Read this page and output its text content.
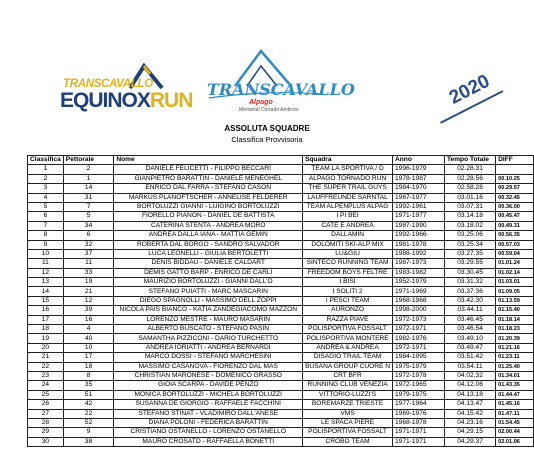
TRANSCAVALLO
EQUINOXRUN TRANSCAVALLO
Alpago
Memorial Corrado Ambrosi
2020
ASSOLUTA SQUADRE
Classifica Provvisoria
Classifica	Pettorale	Nome	Squadra	Anno	Tempo Totale	DIFF
1	2	DANIELE FELICETTI - FILIPPO BECCARI	TEAM LA SPORTIVA / D	1996-1979	02.28.31	
2	1	GIANPIETRO BARATTIN - DANIELE MENEGHEL	ALPAGO TORNADO RUN	1978-1987	02.28.56	00.10.25
3	14	ENRICO DAL FARRA - STEFANO CASON	THE SUPER TRAIL GUYS	1984-1970	02.58.28	00.29.57
4	31	MARKUS PLANOFTSCHER - ANNELISE FELDERER	LAUFFREUNDE SARNTAL	1967-1977	03.01.16	00.32.45
5	7	BORTOLUZZI GIANNI - LUIGINO BORTOLUZZI	TEAM ALPENPLUS ALPAG	1992-1961	03.07.31	00.36.00
6	5	FIORELLO PIANON - DANIEL DE BATTISTA	I PI BEI	1971-1977	03.14.18	00.45.47
7	34	CATERINA STENTA - ANDREA MORO	CATE E ANDREA	1987-1990	03.18.02	00.49.31
8	6	ANDREA DALLA IANA - MATTIA GEMIN	DALLAMIN	1992-1966	03.25.06	00.56.35
9	32	ROBERTA DAL BORGO - SANDRO SALVADOR	DOLOMITI SKI-ALP MIX	1981-1978	03.25.34	00.57.03
10	37	LUCA LEONELLI - GIULIA BERTOLETTI	LU&GIU	1988-1992	03.27.35	00.59.04
11	11	DENIS BIDDAU - DANIELE CALDART	SINTECO RUNNING TEAM	1987-1973	03.29.55	01.01.24
12	33	DEMIS GATTO BARP - ENRICO DE CARLI	FREEDOM BOYS FELTRE	1983-1982	03.30.45	01.02.14
13	19	MAURIZIO BORTOLUZZI - GIANNI DALL'O	I BISI	1952-1979	03.31.32	01.03.01
14	21	STEFANO PUIATTI - MARC MASCARIN	I SOLITI 2	1971-1969	03.37.36	01.09.05
15	12	DIEGO SPAGNOLLI - MASSIMO DELL ZOPPI	I PESCI TEAM	1968-1968	03.42.30	01.13.59
16	39	NICOLA PAIS BIANCO - KATIA ZANDEGIACOMO MAZZON	AURONZO	1998-2000	03.44.11	01.15.40
17	16	LORENZO MESTRE - MAURO MASARIN	RAZZA PIAVE	1972-1973	03.46.45	01.18.14
18	4	ALBERTO BUSCATO - STEFANO PASIN	POLISPORTIVA FOSSALT	1972-1971	03.46.54	01.18.23
19	40	SAMANTHA PIZZICONI - DARIO TURCHETTO	POLISPORTIVA MONTERE	1982-1976	03.49.10	01.20.39
20	10	ANDREA IORIATTI - ANDREA BERNARDI	ANDREA & ANDREA	1972-1971	03.49.47	01.21.16
21	17	MARCO DOSSI - STEFANO MARCHESINI	DISAGIO TRAIL TEAM	1984-1995	03.51.42	01.23.11
22	18	MASSIMO CASANOVA - FIORENZO DAL MAS	BUSANA GROUP CUORE N	1975-1979	03.54.11	01.25.40
23	8	CHRISTIAN MARONESE - DOMENICO GRASSO	CRT BFR	1972-1978	04.02.32	01.34.01
24	35	GIOIA SCARPA - DAVIDE PENZO	RUNNING CLUB VENEZIA	1972-1965	04.12.06	01.43.35
25	51	MONICA BORTOLUZZI - MICHELA BORTOLUZZI	VITTORIO-LUZZI'S	1979-1975	04.13.18	01.44.47
26	42	SUSANNA DE GIORGIO - RAFFAELE FACCHINI	BOREMARZE TRIESTE	1977-1964	04.13.47	01.45.16
27	22	STEFANO STINAT - VLADIMIRO DALL'ANESE	VMS	1969-1976	04.15.42	01.47.11
28	52	DIANA POLONI - FEDERICA BARATTIN	LE SPACA PIERE	1968-1978	04.23.16	01.54.45
29	9	CRISTIANO OSTANELLO - LORENZO OSTANELLO	POLISPORTIVA FOSSALT	1971-1971	04.29.15	02.00.44
30	38	MAURO CROSATO - RAFFAELLA BONETTI	CROBO TEAM	1971-1971	04.29.37	02.01.06
